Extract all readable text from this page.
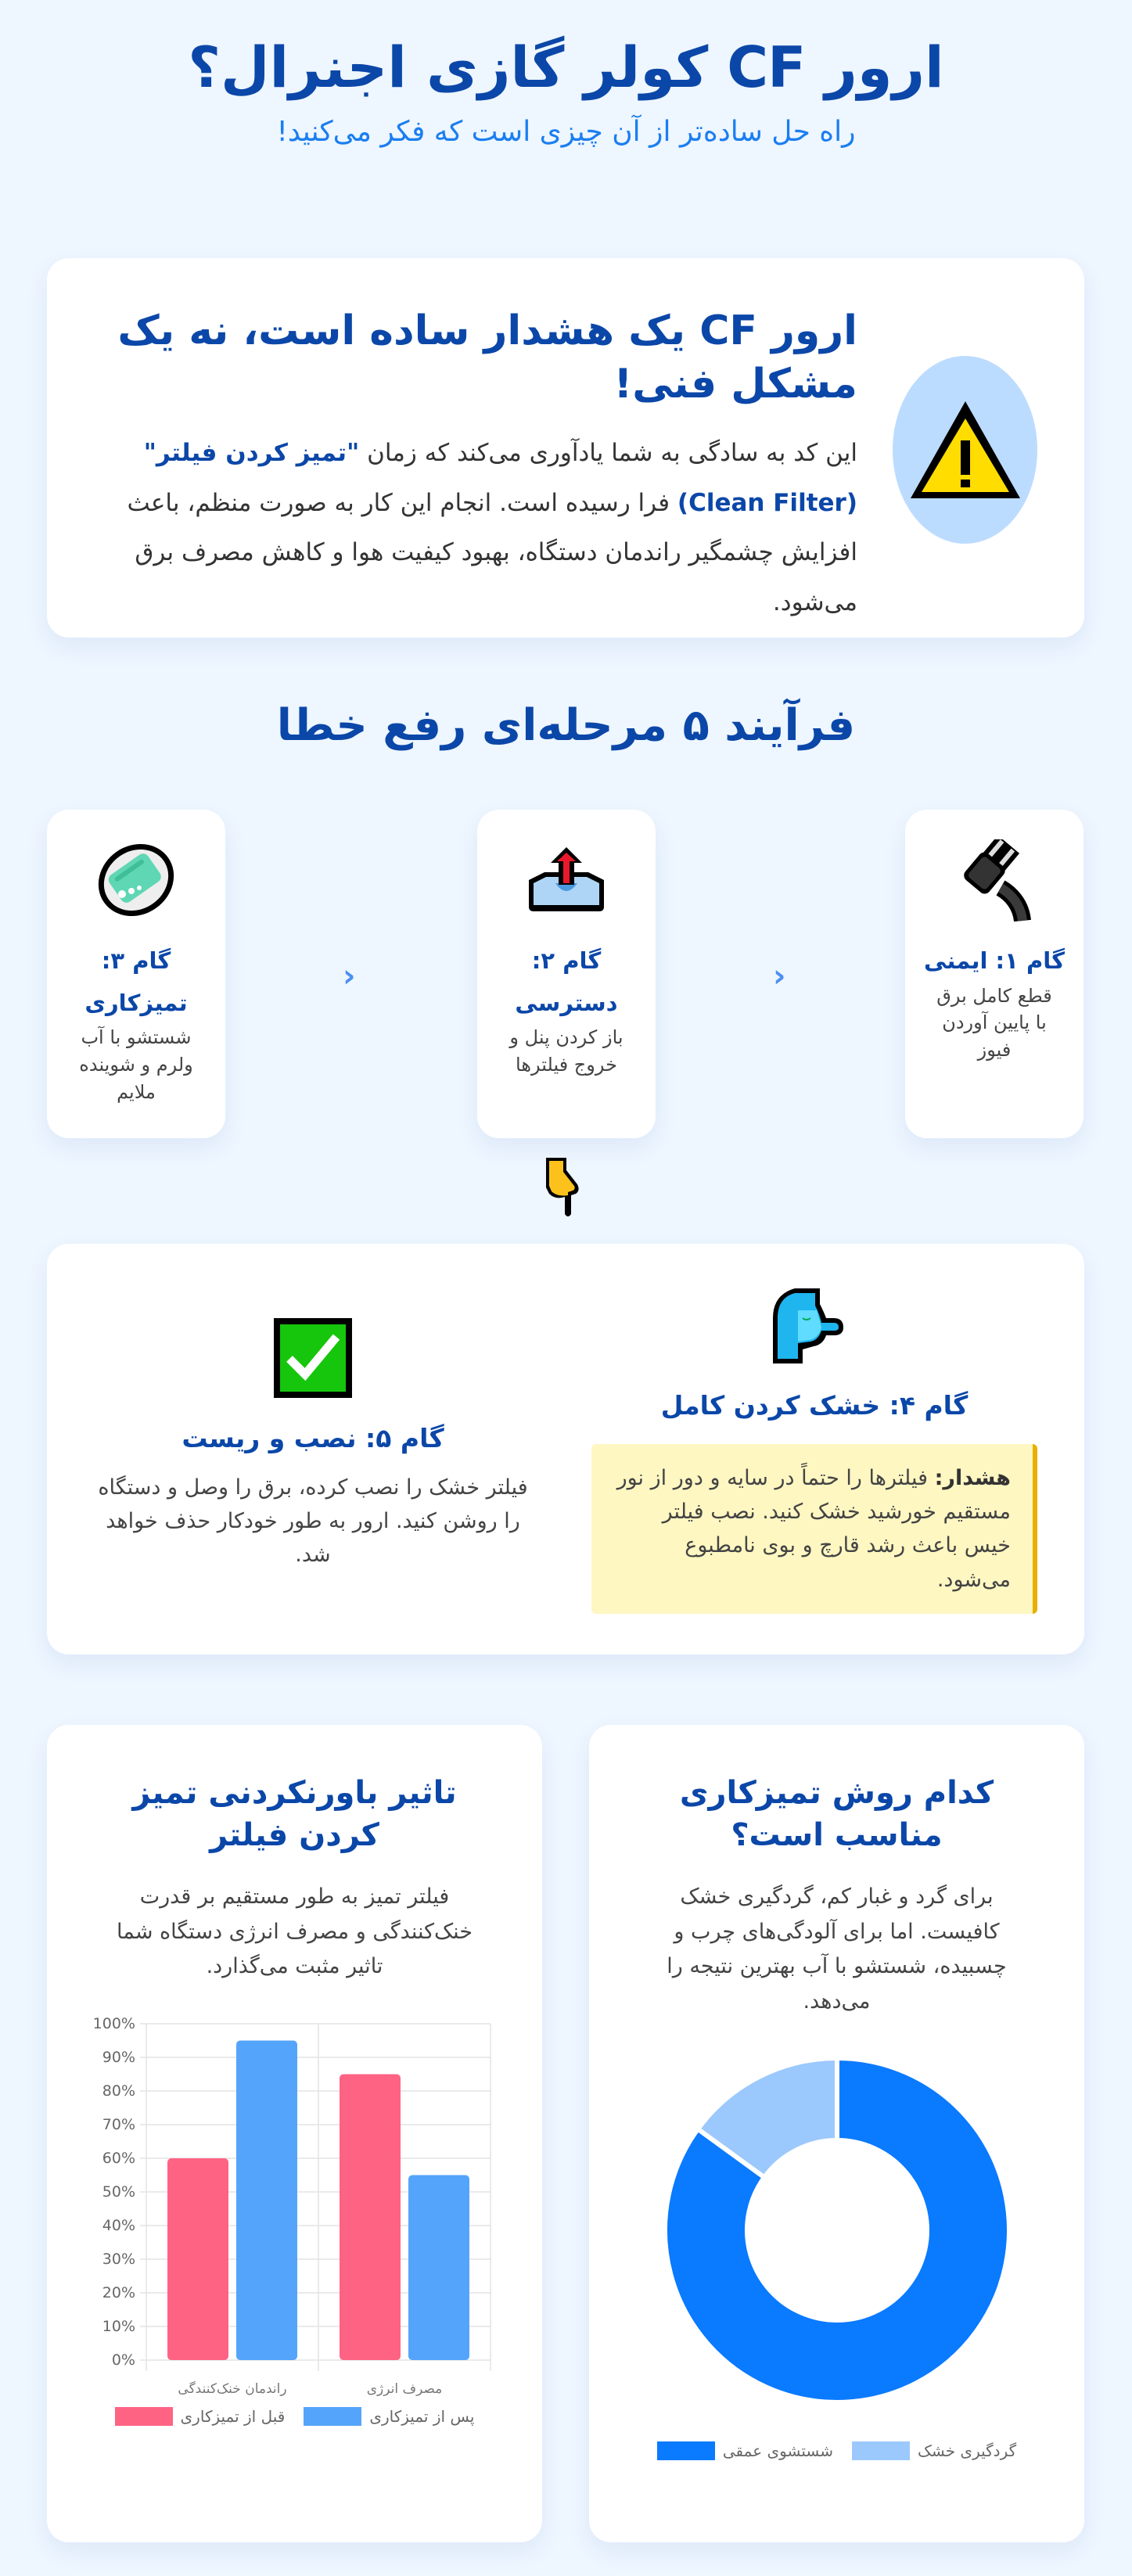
ارور CF کولر گازی اجنرال؟

راه حل ساده‌تر از آن چیزی است که فکر می‌کنید!

ارور CF یک هشدار ساده است، نه یک مشکل فنی!

این کد به سادگی به شما یادآوری می‌کند که زمان "تمیز کردن فیلتر" (Clean Filter) فرا رسیده است. انجام این کار به صورت منظم، باعث افزایش چشمگیر راندمان دستگاه، بهبود کیفیت هوا و کاهش مصرف برق می‌شود.

فرآیند ۵ مرحله‌ای رفع خطا
گام ۱: ایمنی
قطع کامل برق با پایین آوردن فیوز
‹
گام ۲: دسترسی
باز کردن پنل و خروج فیلترها
‹
گام ۳: تمیزکاری
شستشو با آب ولرم و شوینده ملایم
گام ۴: خشک کردن کامل
هشدار: فیلترها را حتماً در سایه و دور از نور مستقیم خورشید خشک کنید. نصب فیلتر خیس باعث رشد قارچ و بوی نامطبوع می‌شود.
گام ۵: نصب و ریست
فیلتر خشک را نصب کرده، برق را وصل و دستگاه را روشن کنید. ارور به طور خودکار حذف خواهد شد.
کدام روش تمیزکاری مناسب است؟

برای گرد و غبار کم، گردگیری خشک کافیست. اما برای آلودگی‌های چرب و چسبیده، شستشو با آب بهترین نتیجه را می‌دهد.

گردگیری خشک
شستشوی عمقی
تاثیر باورنکردنی تمیز کردن فیلتر

فیلتر تمیز به طور مستقیم بر قدرت خنک‌کنندگی و مصرف انرژی دستگاه شما تاثیر مثبت می‌گذارد.

0%
10%
20%
30%
40%
50%
60%
70%
80%
90%
100%
راندمان خنک‌کنندگی	مصرف انرژی
پس از تمیزکاری
قبل از تمیزکاری
